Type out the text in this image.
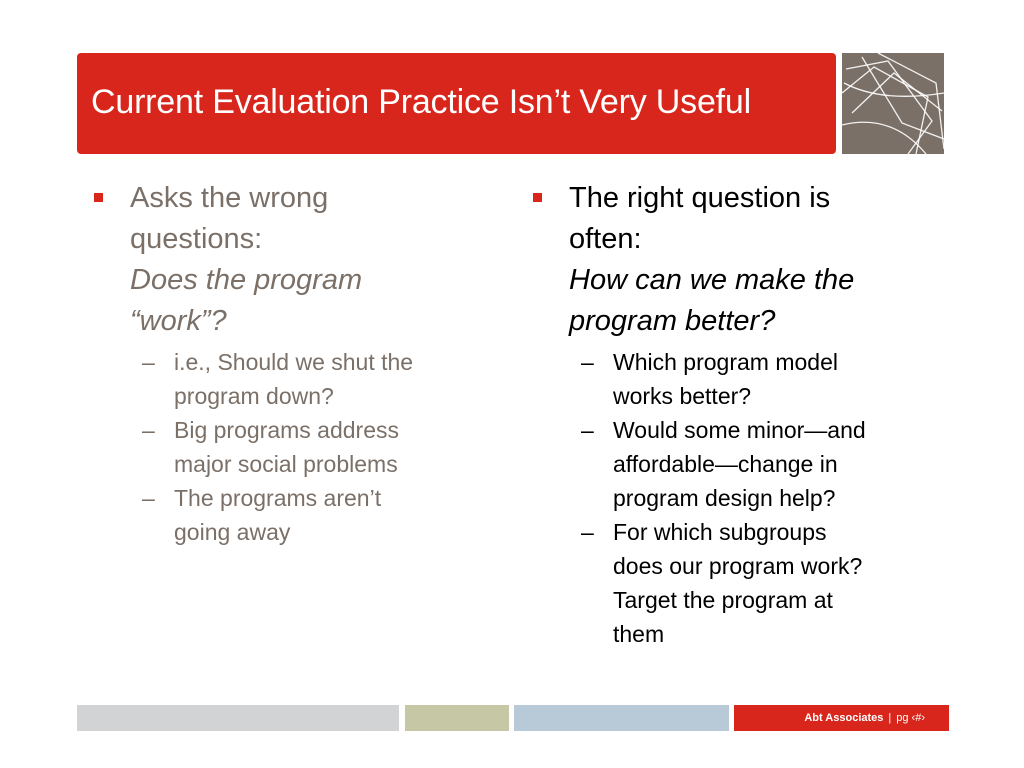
Current Evaluation Practice Isn’t Very Useful
Asks the wrong
questions:
Does the program
“work”?
– i.e., Should we shut the
program down?
– Big programs address
major social problems
– The programs aren’t
going away
The right question is
often:
How can we make the
program better?
– Which program model
works better?
– Would some minor—and
affordable—change in
program design help?
– For which subgroups
does our program work?
Target the program at
them
Abt Associates | pg ‹#›
